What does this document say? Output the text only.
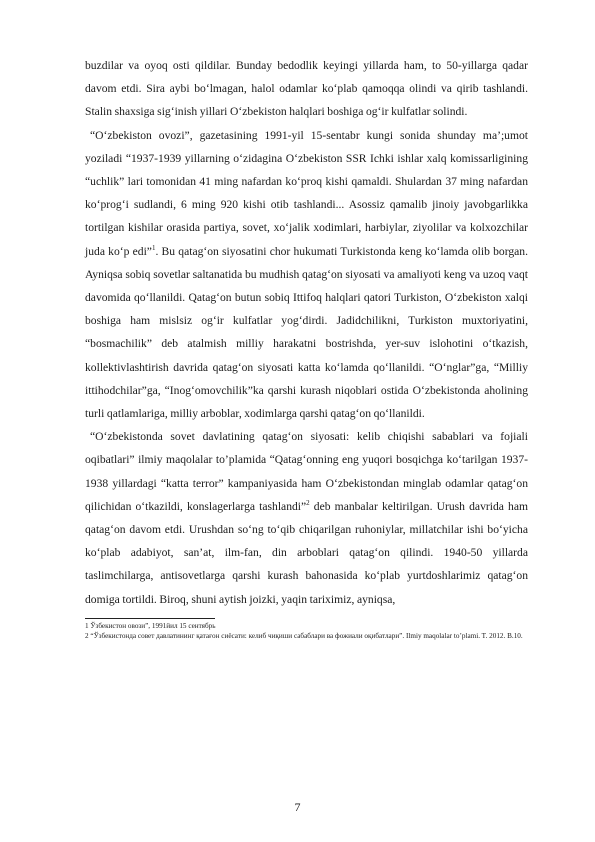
buzdilar va oyoq osti qildilar. Bunday bedodlik keyingi yillarda ham, to 50-yillarga qadar davom etdi. Sira aybi bo‘lmagan, halol odamlar ko‘plab qamoqqa olindi va qirib tashlandi. Stalin shaxsiga sig‘inish yillari O‘zbekiston halqlari boshiga og‘ir kulfatlar solindi.

“O‘zbekiston ovozi”, gazetasining 1991-yil 15-sentabr kungi sonida shunday ma’;umot yoziladi “1937-1939 yillarning o‘zidagina O‘zbekiston SSR Ichki ishlar xalq komissarligining “uchlik” lari tomonidan 41 ming nafardan ko‘proq kishi qamaldi. Shulardan 37 ming nafardan ko‘prog‘i sudlandi, 6 ming 920 kishi otib tashlandi... Asossiz qamalib jinoiy javobgarlikka tortilgan kishilar orasida partiya, sovet, xo‘jalik xodimlari, harbiylar, ziyolilar va kolxozchilar juda ko‘p edi”$^1$. Bu qatag‘on siyosatini chor hukumati Turkistonda keng ko‘lamda olib borgan. Ayniqsa sobiq sovetlar saltanatida bu mudhish qatag‘on siyosati va amaliyoti keng va uzoq vaqt davomida qo‘llanildi. Qatag‘on butun sobiq Ittifoq halqlari qatori Turkiston, O‘zbekiston xalqi boshiga ham mislsiz og‘ir kulfatlar yog‘dirdi. Jadidchilikni, Turkiston muxtoriyatini, “bosmachilik” deb atalmish milliy harakatni bostrishda, yer-suv islohotini o‘tkazish, kollektivlashtirish davrida qatag‘on siyosati katta ko‘lamda qo‘llanildi. “O‘nglar”ga, “Milliy ittihodchilar”ga, “Inog‘omovchilik”ka qarshi kurash niqoblari ostida O‘zbekistonda aholining turli qatlamlariga, milliy arboblar, xodimlarga qarshi qatag‘on qo‘llanildi.

“O‘zbekistonda sovet davlatining qatag‘on siyosati: kelib chiqishi sabablari va fojiali oqibatlari” ilmiy maqolalar to’plamida “Qatag‘onning eng yuqori bosqichga ko‘tarilgan 1937-1938 yillardagi “katta terror” kampaniyasida ham O‘zbekistondan minglab odamlar qatag‘on qilichidan o‘tkazildi, konslagerlarga tashlandi”$^2$ deb manbalar keltirilgan. Urush davrida ham qatag‘on davom etdi. Urushdan so‘ng to‘qib chiqarilgan ruhoniylar, millatchilar ishi bo‘yicha ko‘plab adabiyot, san’at, ilm-fan, din arboblari qatag‘on qilindi. 1940-50 yillarda taslimchilarga, antisovetlarga qarshi kurash bahonasida ko‘plab yurtdoshlarimiz qatag‘on domiga tortildi. Biroq, shuni aytish joizki, yaqin tariximiz, ayniqsa,

1 Ўзбекистон овози”, 1991йил 15 сентябрь

2 “Ўзбекистонда совет давлатининг қатағон сиёсати: келиб чиқиши сабаблари ва фожиали оқибатлари”. Ilmiy maqolalar to’plami. T. 2012. B.10.

7
